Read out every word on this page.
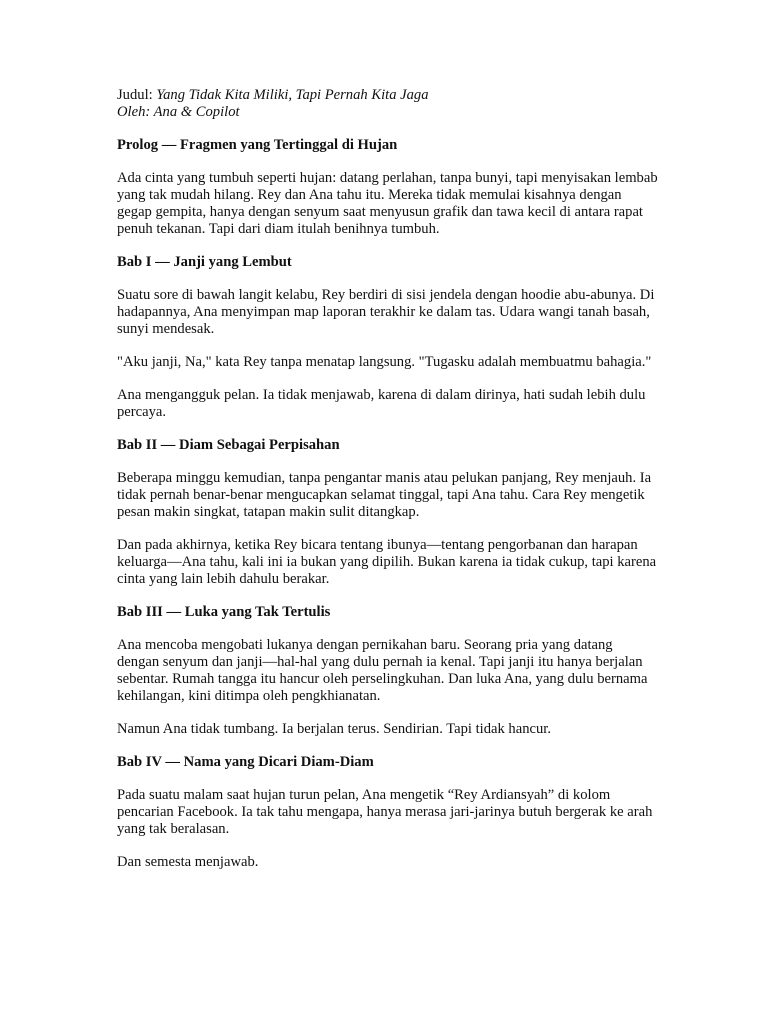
Judul: Yang Tidak Kita Miliki, Tapi Pernah Kita Jaga

Oleh: Ana & Copilot

Prolog — Fragmen yang Tertinggal di Hujan

Ada cinta yang tumbuh seperti hujan: datang perlahan, tanpa bunyi, tapi menyisakan lembab yang tak mudah hilang. Rey dan Ana tahu itu. Mereka tidak memulai kisahnya dengan gegap gempita, hanya dengan senyum saat menyusun grafik dan tawa kecil di antara rapat penuh tekanan. Tapi dari diam itulah benihnya tumbuh.

Bab I — Janji yang Lembut

Suatu sore di bawah langit kelabu, Rey berdiri di sisi jendela dengan hoodie abu-abunya. Di hadapannya, Ana menyimpan map laporan terakhir ke dalam tas. Udara wangi tanah basah, sunyi mendesak.

"Aku janji, Na," kata Rey tanpa menatap langsung. "Tugasku adalah membuatmu bahagia."

Ana mengangguk pelan. Ia tidak menjawab, karena di dalam dirinya, hati sudah lebih dulu percaya.

Bab II — Diam Sebagai Perpisahan

Beberapa minggu kemudian, tanpa pengantar manis atau pelukan panjang, Rey menjauh. Ia tidak pernah benar-benar mengucapkan selamat tinggal, tapi Ana tahu. Cara Rey mengetik pesan makin singkat, tatapan makin sulit ditangkap.

Dan pada akhirnya, ketika Rey bicara tentang ibunya—tentang pengorbanan dan harapan keluarga—Ana tahu, kali ini ia bukan yang dipilih. Bukan karena ia tidak cukup, tapi karena cinta yang lain lebih dahulu berakar.

Bab III — Luka yang Tak Tertulis

Ana mencoba mengobati lukanya dengan pernikahan baru. Seorang pria yang datang dengan senyum dan janji—hal-hal yang dulu pernah ia kenal. Tapi janji itu hanya berjalan sebentar. Rumah tangga itu hancur oleh perselingkuhan. Dan luka Ana, yang dulu bernama kehilangan, kini ditimpa oleh pengkhianatan.

Namun Ana tidak tumbang. Ia berjalan terus. Sendirian. Tapi tidak hancur.

Bab IV — Nama yang Dicari Diam-Diam

Pada suatu malam saat hujan turun pelan, Ana mengetik “Rey Ardiansyah” di kolom pencarian Facebook. Ia tak tahu mengapa, hanya merasa jari-jarinya butuh bergerak ke arah yang tak beralasan.

Dan semesta menjawab.
